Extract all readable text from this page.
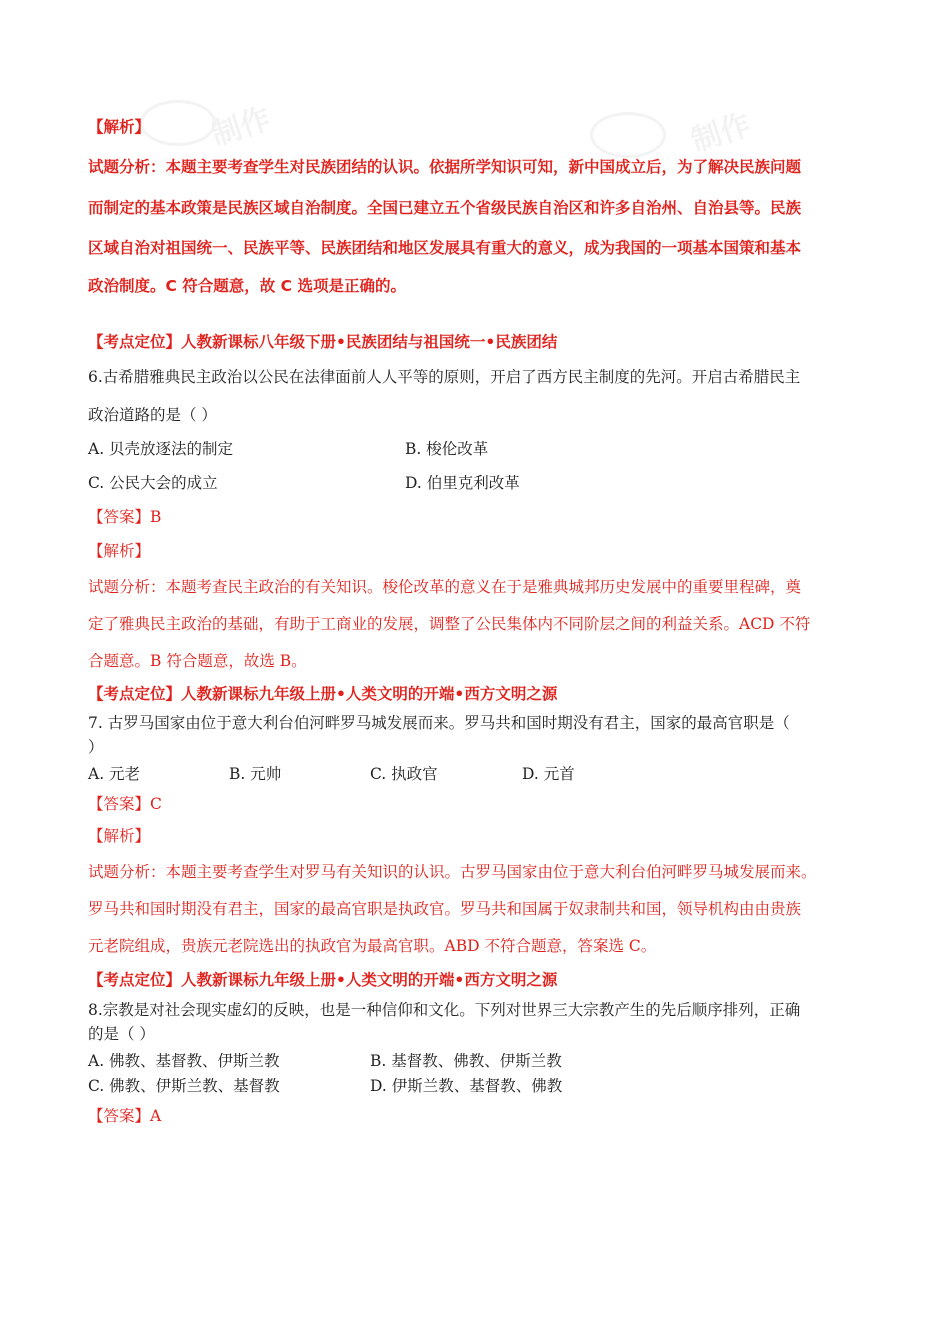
制作	制作
【解析】
试题分析：本题主要考查学生对民族团结的认识。依据所学知识可知，新中国成立后，为了解决民族问题
而制定的基本政策是民族区域自治制度。全国已建立五个省级民族自治区和许多自治州、自治县等。民族
区域自治对祖国统一、民族平等、民族团结和地区发展具有重大的意义，成为我国的一项基本国策和基本
政治制度。C 符合题意，故 C 选项是正确的。
【考点定位】人教新课标八年级下册•民族团结与祖国统一•民族团结
6.古希腊雅典民主政治以公民在法律面前人人平等的原则，开启了西方民主制度的先河。开启古希腊民主
政治道路的是（ ）
A. 贝壳放逐法的制定	B. 梭伦改革
C. 公民大会的成立	D. 伯里克利改革
【答案】B
【解析】
试题分析：本题考查民主政治的有关知识。梭伦改革的意义在于是雅典城邦历史发展中的重要里程碑，奠
定了雅典民主政治的基础，有助于工商业的发展，调整了公民集体内不同阶层之间的利益关系。ACD 不符
合题意。B 符合题意，故选 B。
【考点定位】人教新课标九年级上册•人类文明的开端•西方文明之源
7. 古罗马国家由位于意大利台伯河畔罗马城发展而来。罗马共和国时期没有君主，国家的最高官职是（
）
A. 元老	B. 元帅	C. 执政官	D. 元首
【答案】C
【解析】
试题分析：本题主要考查学生对罗马有关知识的认识。古罗马国家由位于意大利台伯河畔罗马城发展而来。
罗马共和国时期没有君主，国家的最高官职是执政官。罗马共和国属于奴隶制共和国，领导机构由由贵族
元老院组成，贵族元老院选出的执政官为最高官职。ABD 不符合题意，答案选 C。
【考点定位】人教新课标九年级上册•人类文明的开端•西方文明之源
8.宗教是对社会现实虚幻的反映，也是一种信仰和文化。下列对世界三大宗教产生的先后顺序排列，正确
的是（ ）
A. 佛教、基督教、伊斯兰教	B. 基督教、佛教、伊斯兰教
C. 佛教、伊斯兰教、基督教	D. 伊斯兰教、基督教、佛教
【答案】A
